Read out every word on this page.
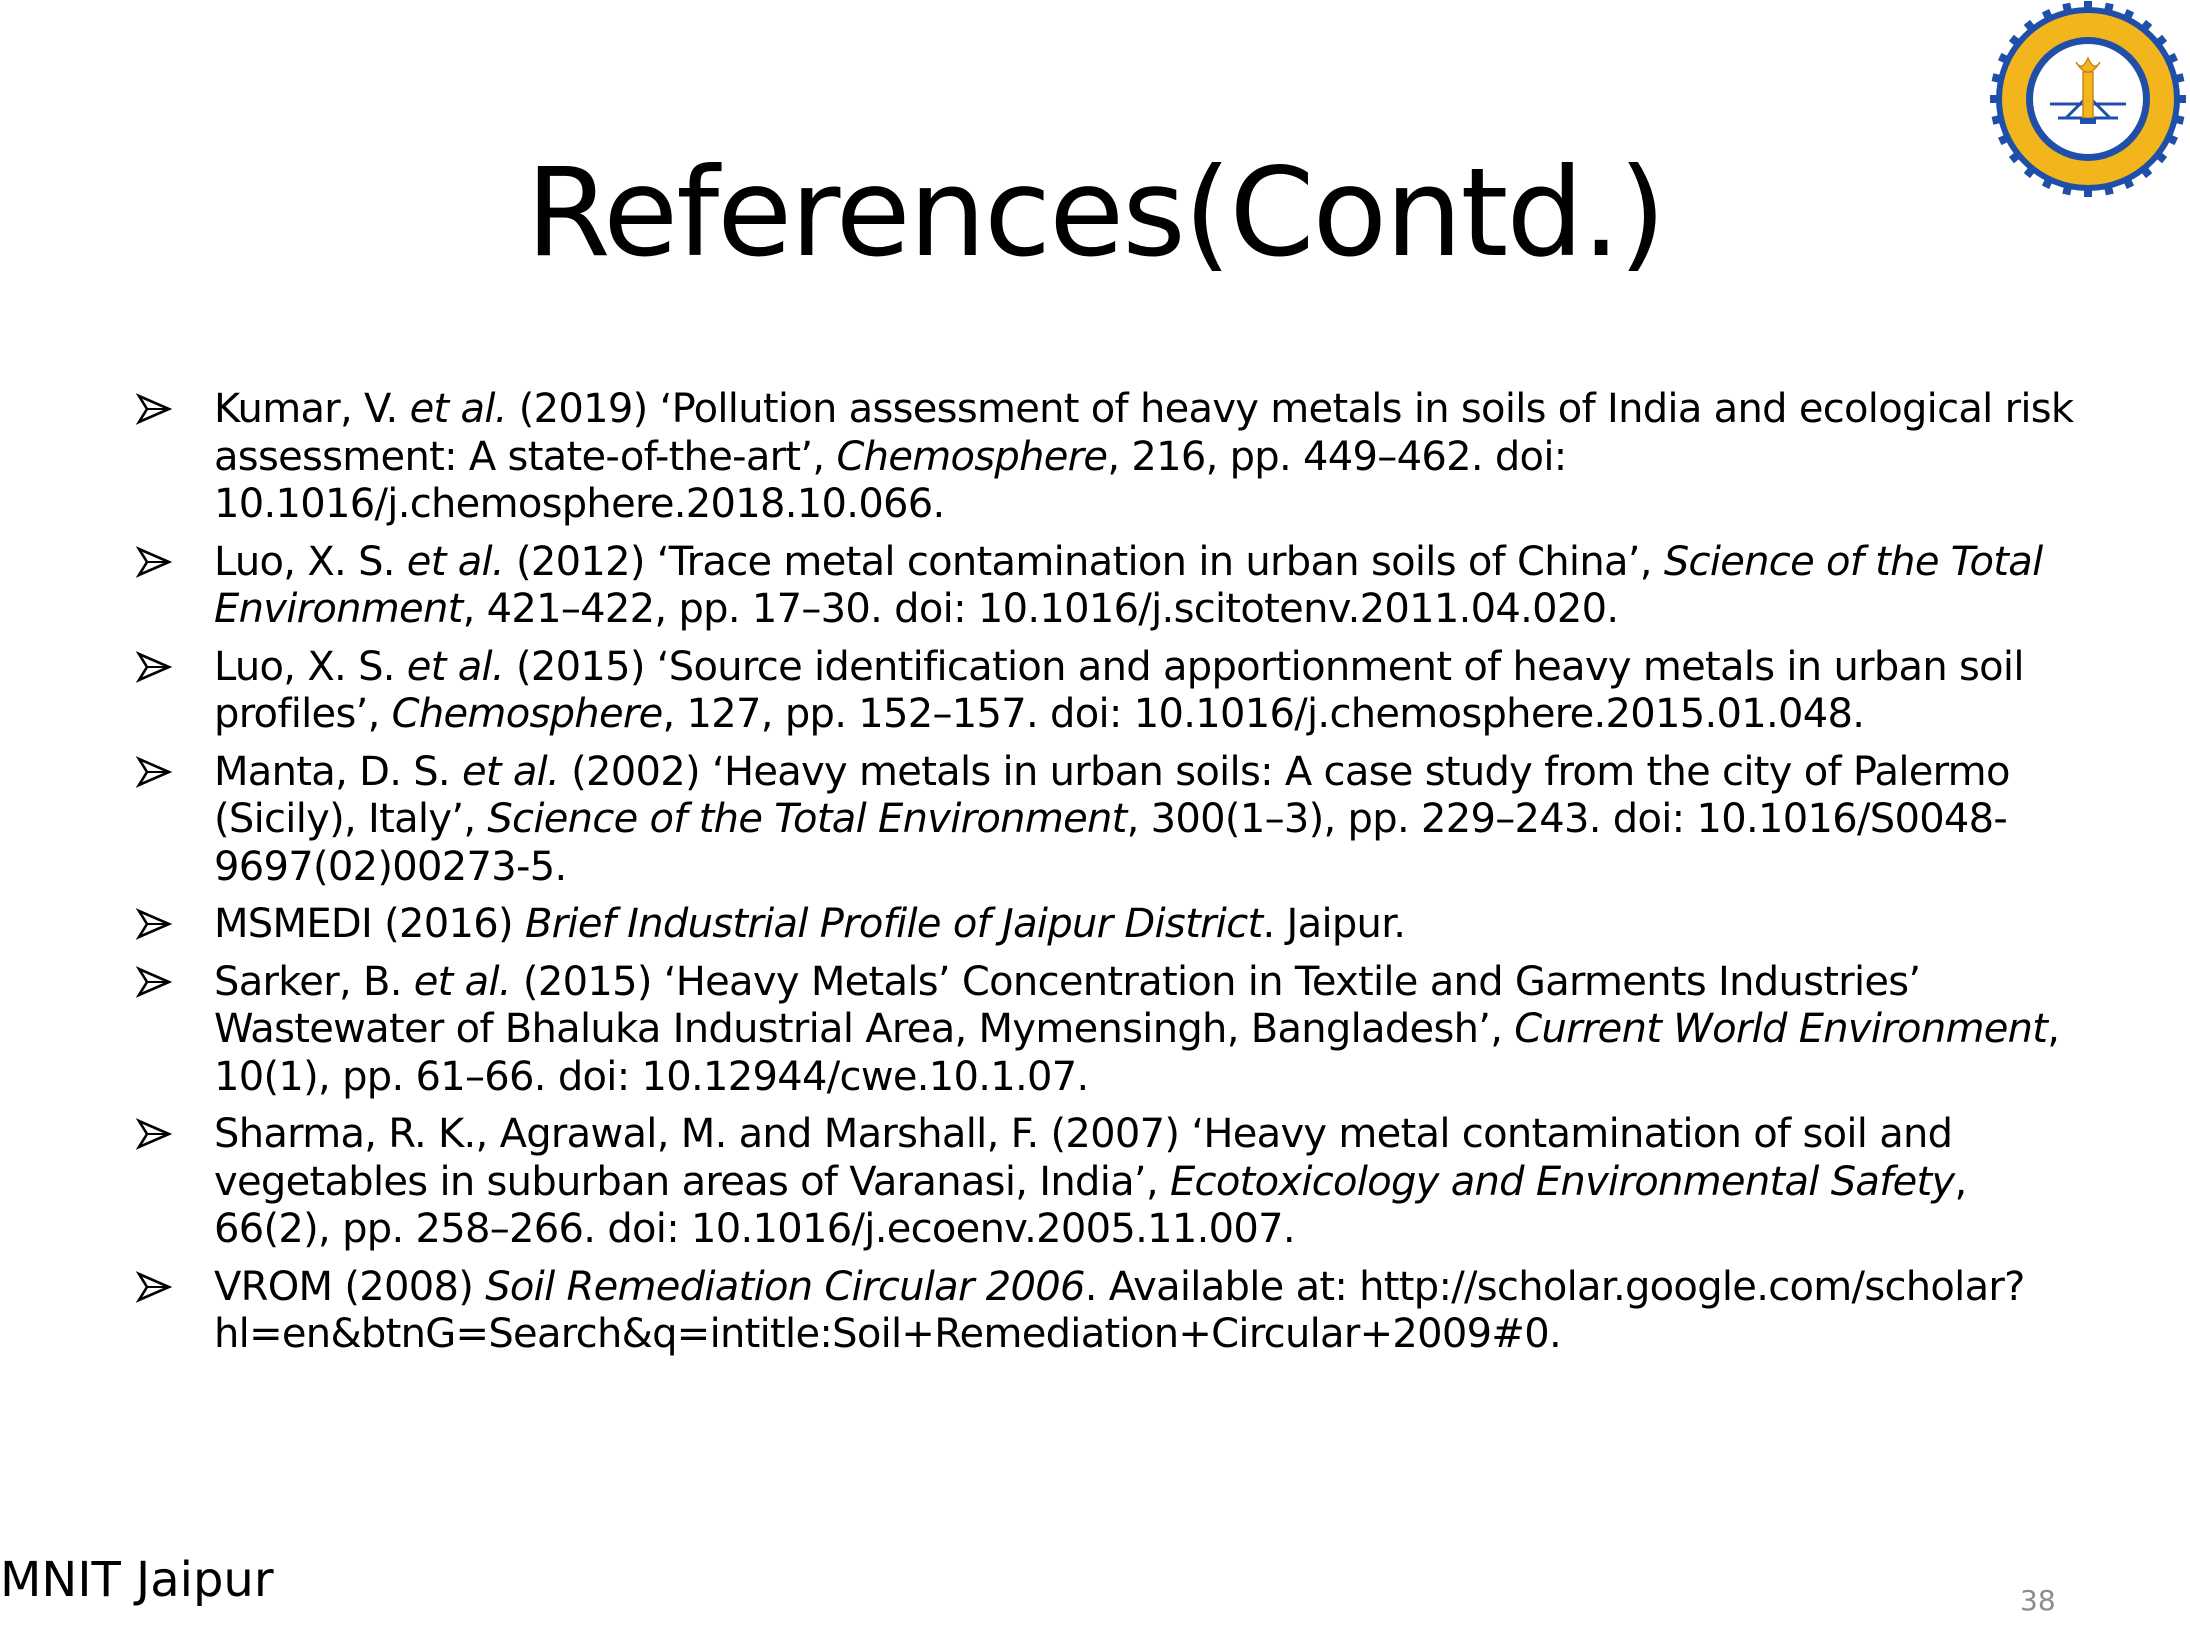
References(Contd.)
Kumar, V. et al. (2019) ‘Pollution assessment of heavy metals in soils of India and ecological risk assessment: A state-of-the-art’, Chemosphere, 216, pp. 449–462. doi: 10.1016/j.chemosphere.2018.10.066.
Luo, X. S. et al. (2012) ‘Trace metal contamination in urban soils of China’, Science of the Total Environment, 421–422, pp. 17–30. doi: 10.1016/j.scitotenv.2011.04.020.
Luo, X. S. et al. (2015) ‘Source identification and apportionment of heavy metals in urban soil profiles’, Chemosphere, 127, pp. 152–157. doi: 10.1016/j.chemosphere.2015.01.048.
Manta, D. S. et al. (2002) ‘Heavy metals in urban soils: A case study from the city of Palermo (Sicily), Italy’, Science of the Total Environment, 300(1–3), pp. 229–243. doi: 10.1016/S0048-9697(02)00273-5.
MSMEDI (2016) Brief Industrial Profile of Jaipur District. Jaipur.
Sarker, B. et al. (2015) ‘Heavy Metals’ Concentration in Textile and Garments Industries’ Wastewater of Bhaluka Industrial Area, Mymensingh, Bangladesh’, Current World Environment, 10(1), pp. 61–66. doi: 10.12944/cwe.10.1.07.
Sharma, R. K., Agrawal, M. and Marshall, F. (2007) ‘Heavy metal contamination of soil and vegetables in suburban areas of Varanasi, India’, Ecotoxicology and Environmental Safety, 66(2), pp. 258–266. doi: 10.1016/j.ecoenv.2005.11.007.
VROM (2008) Soil Remediation Circular 2006. Available at: http://scholar.google.com/scholar?hl=en&btnG=Search&q=intitle:Soil+Remediation+Circular+2009#0.
MNIT Jaipur	38
